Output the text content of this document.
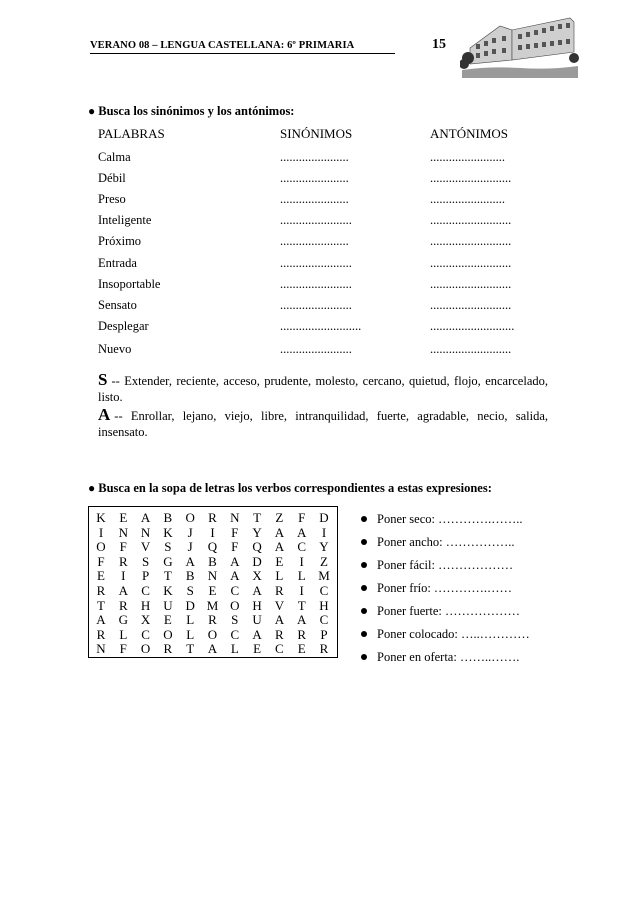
VERANO 08 – LENGUA CASTELLANA: 6º PRIMARIA	15
● Busca los sinónimos y los antónimos:
PALABRAS	SINÓNIMOS	ANTÓNIMOS
Calma	......................	........................
Débil	......................	..........................
Preso	......................	........................
Inteligente	.......................	..........................
Próximo	......................	..........................
Entrada	.......................	..........................
Insoportable	.......................	..........................
Sensato	.......................	..........................
Desplegar	..........................	...........................
Nuevo	.......................	..........................
S -- Extender, reciente, acceso, prudente, molesto, cercano, quietud, flojo, encarcelado, listo.
A -- Enrollar, lejano, viejo, libre, intranquilidad, fuerte, agradable, necio, salida, insensato.
● Busca en la sopa de letras los verbos correspondientes a estas expresiones:
K	E	A	B	O	R	N	T	Z	F	D
I	N N K	J	I	F	Y A A	I
O	F	V	S	J	Q	F	Q A	C	Y
F	R	S	G A	B	A D	E	I	Z
E	I	P	T	B	N A X	L	L M
R	A	C	K	S	E	C	A	R	I	C
T	R	H U D M O H V	T	H
A G X	E	L	R	S	U A A	C
R	L	C	O	L	O	C	A	R	R	P
N	F	O	R	T	A	L	E	C	E	R
Poner seco: ………….……..
Poner ancho: ……………..
Poner fácil: ………………
Poner frío: ………….……
Poner fuerte: ………………
Poner colocado: …..…………
Poner en oferta: ……..…….
